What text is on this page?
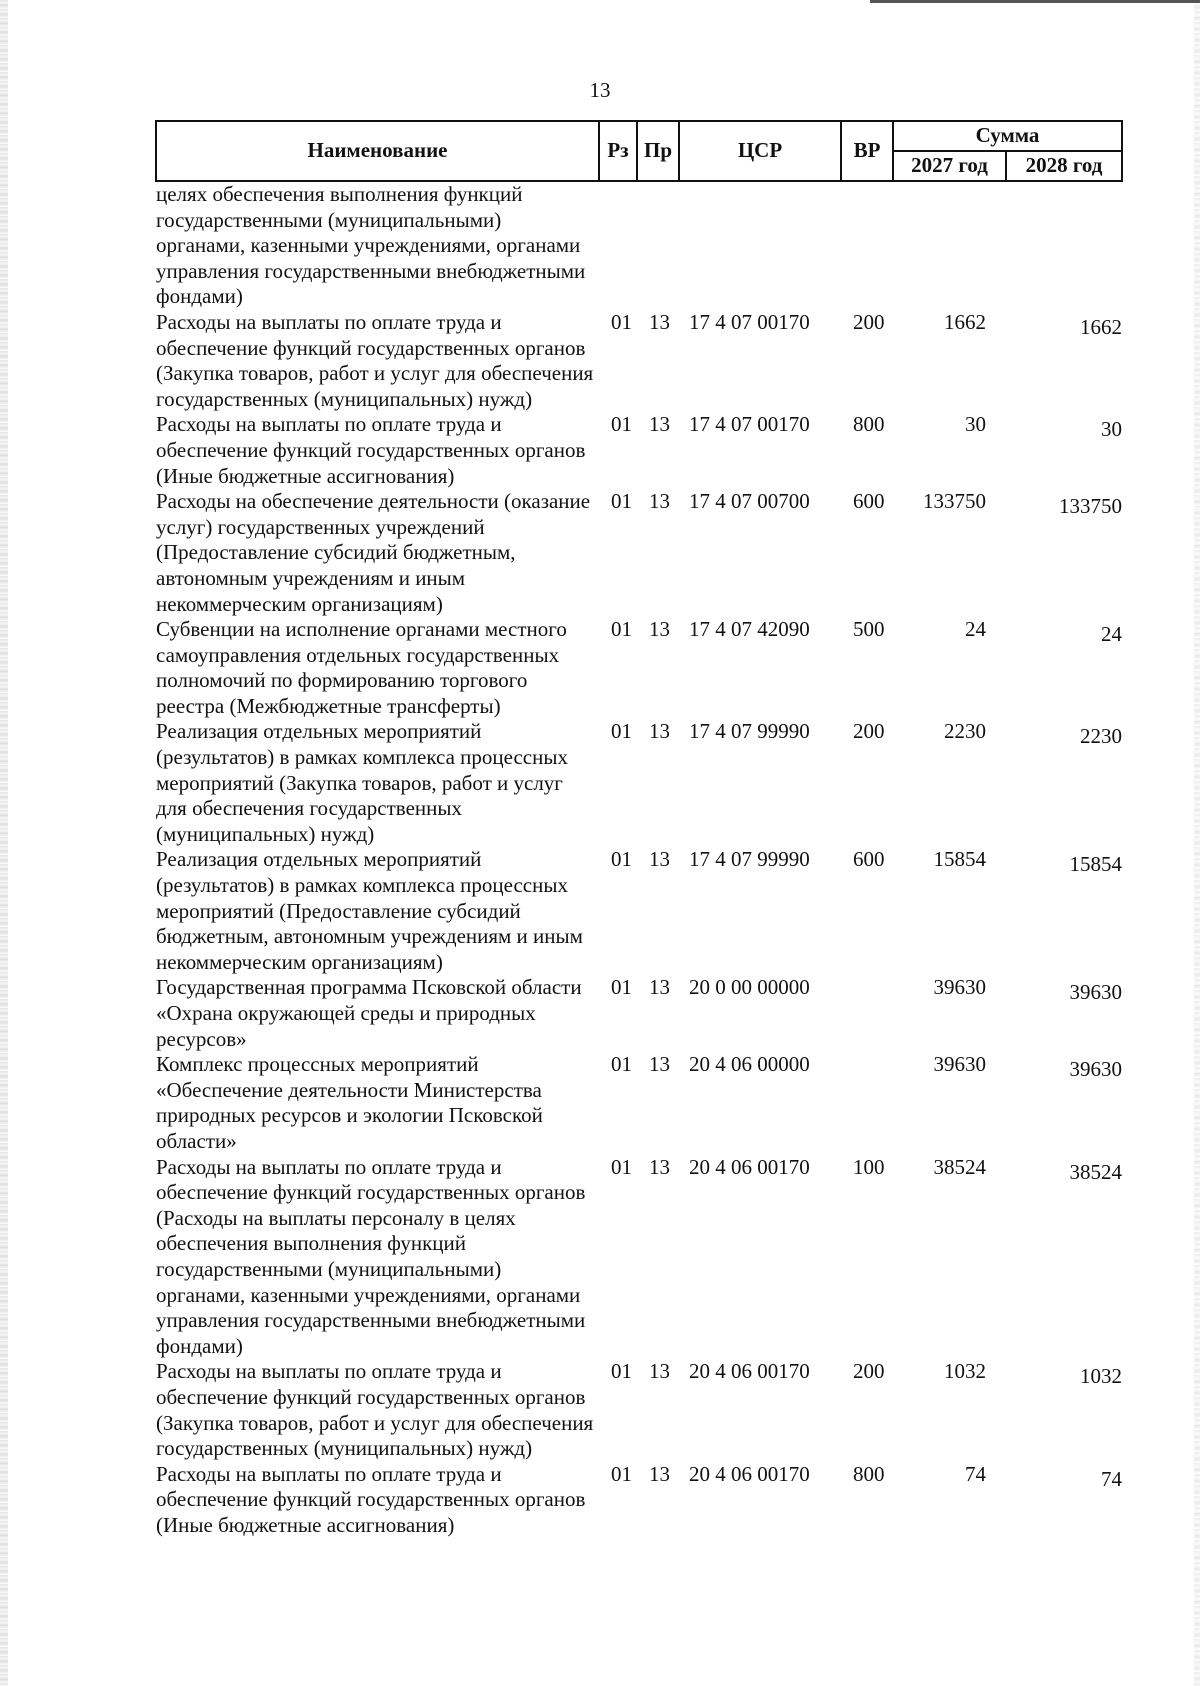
13
Наименование	Рз	Пр	ЦСР	ВР	Сумма	
					2027 год	2028 год
целях обеспечения выполнения функций государственными (муниципальными) органами, казенными учреждениями, органами управления государственными внебюджетными фондами)						
Расходы на выплаты по оплате труда и обеспечение функций государственных органов (Закупка товаров, работ и услуг для обеспечения государственных (муниципальных) нужд)	01	13	17 4 07 00170	200	1662	1662
Расходы на выплаты по оплате труда и обеспечение функций государственных органов (Иные бюджетные ассигнования)	01	13	17 4 07 00170	800	30	30
Расходы на обеспечение деятельности (оказание услуг) государственных учреждений (Предоставление субсидий бюджетным, автономным учреждениям и иным некоммерческим организациям)	01	13	17 4 07 00700	600	133750	133750
Субвенции на исполнение органами местного самоуправления отдельных государственных полномочий по формированию торгового реестра (Межбюджетные трансферты)	01	13	17 4 07 42090	500	24	24
Реализация отдельных мероприятий (результатов) в рамках комплекса процессных мероприятий (Закупка товаров, работ и услуг для обеспечения государственных (муниципальных) нужд)	01	13	17 4 07 99990	200	2230	2230
Реализация отдельных мероприятий (результатов) в рамках комплекса процессных мероприятий (Предоставление субсидий бюджетным, автономным учреждениям и иным некоммерческим организациям)	01	13	17 4 07 99990	600	15854	15854
Государственная программа Псковской области «Охрана окружающей среды и природных ресурсов»	01	13	20 0 00 00000		39630	39630
Комплекс процессных мероприятий «Обеспечение деятельности Министерства природных ресурсов и экологии Псковской области»	01	13	20 4 06 00000		39630	39630
Расходы на выплаты по оплате труда и обеспечение функций государственных органов (Расходы на выплаты персоналу в целях обеспечения выполнения функций государственными (муниципальными) органами, казенными учреждениями, органами управления государственными внебюджетными фондами)	01	13	20 4 06 00170	100	38524	38524
Расходы на выплаты по оплате труда и обеспечение функций государственных органов (Закупка товаров, работ и услуг для обеспечения государственных (муниципальных) нужд)	01	13	20 4 06 00170	200	1032	1032
Расходы на выплаты по оплате труда и обеспечение функций государственных органов (Иные бюджетные ассигнования)	01	13	20 4 06 00170	800	74	74
